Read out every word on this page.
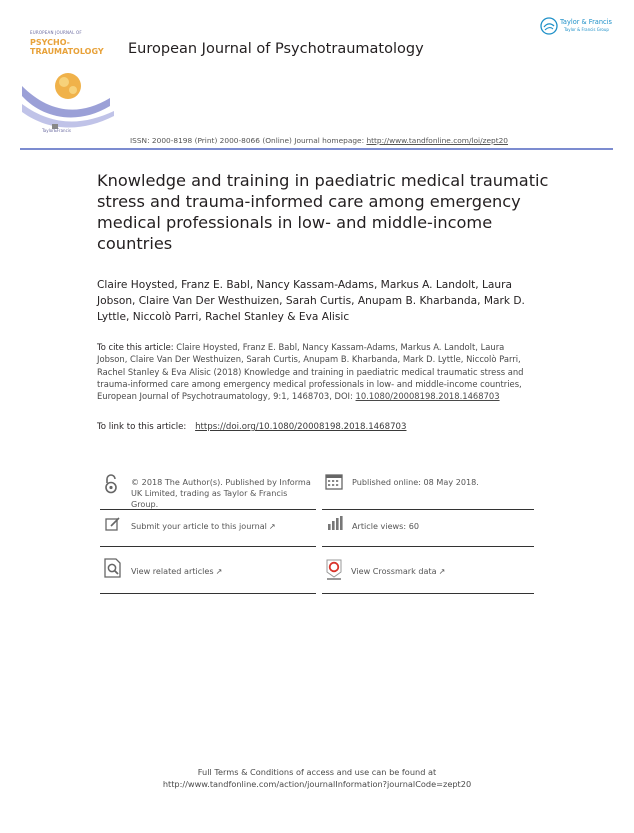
EUROPEAN JOURNAL OF
PSYCHO-TRAUMATOLOGY
Taylor&Francis
European Journal of Psychotraumatology
Taylor & Francis
Taylor & Francis Group
ISSN: 2000-8198 (Print) 2000-8066 (Online) Journal homepage: http://www.tandfonline.com/loi/zept20
Knowledge and training in paediatric medical traumatic stress and trauma-informed care among emergency medical professionals in low- and middle-income countries
Claire Hoysted, Franz E. Babl, Nancy Kassam-Adams, Markus A. Landolt, Laura Jobson, Claire Van Der Westhuizen, Sarah Curtis, Anupam B. Kharbanda, Mark D. Lyttle, Niccolò Parri, Rachel Stanley & Eva Alisic
To cite this article: Claire Hoysted, Franz E. Babl, Nancy Kassam-Adams, Markus A. Landolt, Laura Jobson, Claire Van Der Westhuizen, Sarah Curtis, Anupam B. Kharbanda, Mark D. Lyttle, Niccolò Parri, Rachel Stanley & Eva Alisic (2018) Knowledge and training in paediatric medical traumatic stress and trauma-informed care among emergency medical professionals in low- and middle-income countries, European Journal of Psychotraumatology, 9:1, 1468703, DOI: 10.1080/20008198.2018.1468703
To link to this article: https://doi.org/10.1080/20008198.2018.1468703
© 2018 The Author(s). Published by Informa UK Limited, trading as Taylor & Francis Group.
Published online: 08 May 2018.
Submit your article to this journal ↗	Article views: 60
View related articles ↗	View Crossmark data ↗
Full Terms & Conditions of access and use can be found at
http://www.tandfonline.com/action/journalInformation?journalCode=zept20
